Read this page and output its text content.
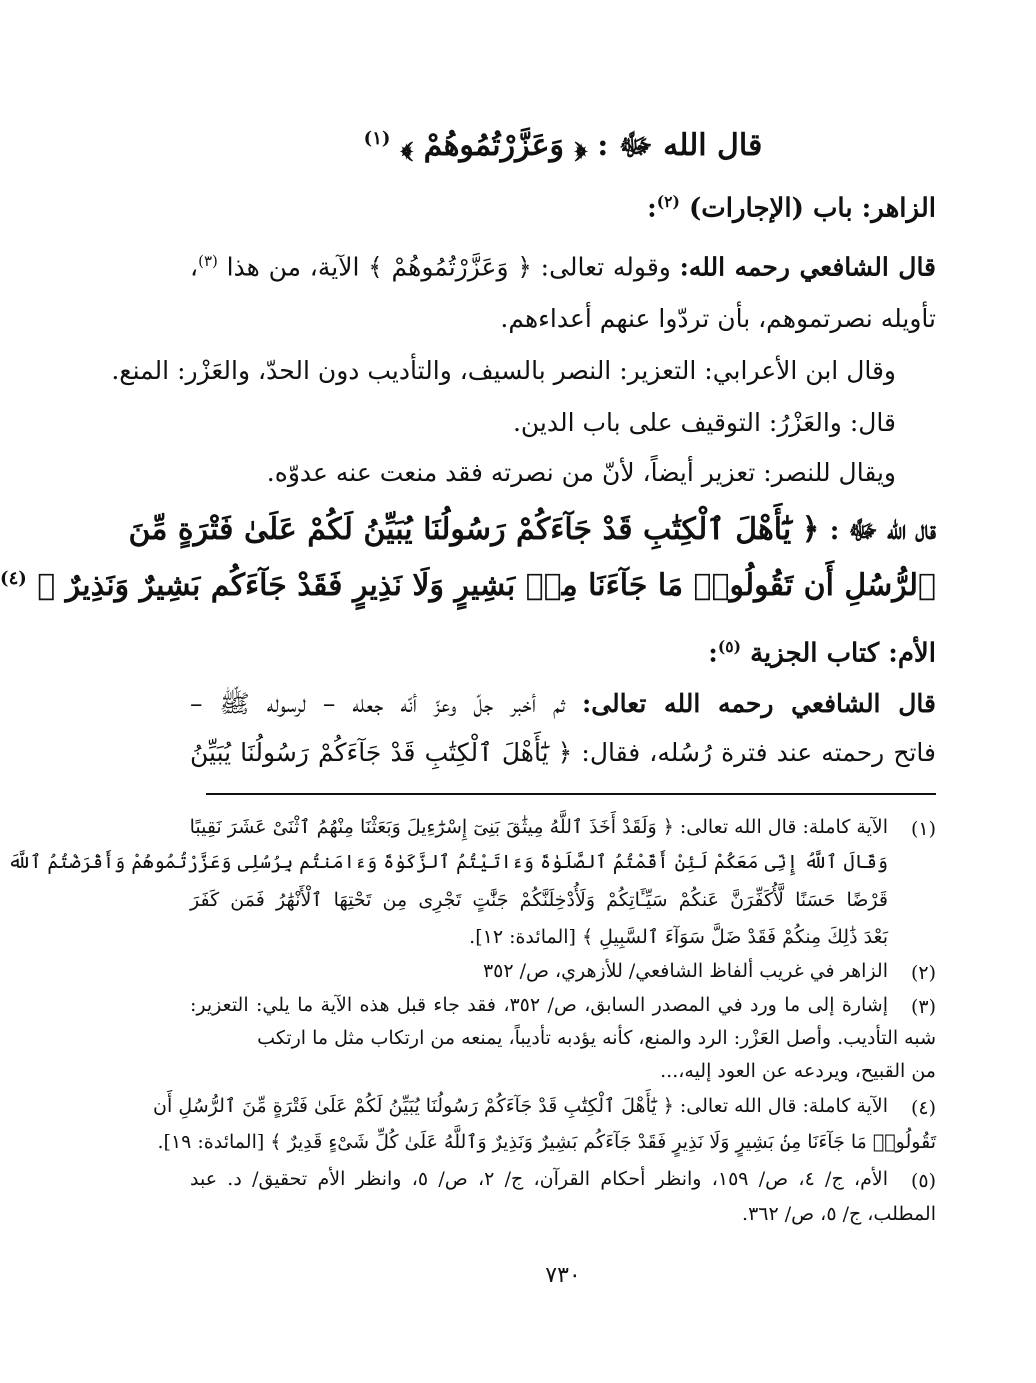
قال الله ﷻ : ﴿ وَعَزَّرْتُمُوهُمْ ﴾ $^{(١)}$
الزاهر: باب (الإجارات) $^{(٢)}$:
قال الشافعي رحمه الله: وقوله تعالى: ﴿ وَعَزَّرْتُمُوهُمْ ﴾ الآية، من هذا $^{(٣)}$،
تأويله نصرتموهم، بأن تردّوا عنهم أعداءهم.
وقال ابن الأعرابي: التعزير: النصر بالسيف، والتأديب دون الحدّ، والعَزْر: المنع.
قال: والعَزْرُ: التوقيف على باب الدين.
ويقال للنصر: تعزير أيضاً، لأنّ من نصرته فقد منعت عنه عدوّه.
قال الله ﷻ : ﴿ يَٰٓأَهْلَ ٱلْكِتَٰبِ قَدْ جَآءَكُمْ رَسُولُنَا يُبَيِّنُ لَكُمْ عَلَىٰ فَتْرَةٍ مِّنَ
ٱلرُّسُلِ أَن تَقُولُوا۟ مَا جَآءَنَا مِنۢ بَشِيرٍ وَلَا نَذِيرٍ فَقَدْ جَآءَكُم بَشِيرٌ وَنَذِيرٌ ﴾ $^{(٤)}$
الأم: كتاب الجزية $^{(٥)}$:
قال الشافعي رحمه الله تعالى: ثم أخبر جلّ وعزّ أنّه جعله – لرسوله ﷺ –
فاتح رحمته عند فترة رُسُله، فقال: ﴿ يَٰٓأَهْلَ ٱلْكِتَٰبِ قَدْ جَآءَكُمْ رَسُولُنَا يُبَيِّنُ
(١)
الآية كاملة: قال الله تعالى: ﴿ وَلَقَدْ أَخَذَ ٱللَّهُ مِيثَٰقَ بَنِىٓ إِسْرَٰٓءِيلَ وَبَعَثْنَا مِنْهُمُ ٱثْنَىْ عَشَرَ نَقِيبًا
وَقَالَ ٱللَّهُ إِنِّى مَعَكُمْ لَئِنْ أَقَمْتُمُ ٱلصَّلَوٰةَ وَءَاتَيْتُمُ ٱلزَّكَوٰةَ وَءَامَنتُم بِرُسُلِى وَعَزَّرْتُمُوهُمْ وَأَقْرَضْتُمُ ٱللَّهَ
قَرْضًا حَسَنًا لَّأُكَفِّرَنَّ عَنكُمْ سَيِّـَٔاتِكُمْ وَلَأُدْخِلَنَّكُمْ جَنَّٰتٍ تَجْرِى مِن تَحْتِهَا ٱلْأَنْهَٰرُ فَمَن كَفَرَ
بَعْدَ ذَٰلِكَ مِنكُمْ فَقَدْ ضَلَّ سَوَآءَ ٱلسَّبِيلِ ﴾ [المائدة: ١٢].
(٢)
الزاهر في غريب ألفاظ الشافعي/ للأزهري، ص/ ٣٥٢
(٣)
إشارة إلى ما ورد في المصدر السابق، ص/ ٣٥٢، فقد جاء قبل هذه الآية ما يلي: التعزير:
شبه التأديب. وأصل العَزْر: الرد والمنع، كأنه يؤدبه تأديباً، يمنعه من ارتكاب مثل ما ارتكب
من القبيح، ويردعه عن العود إليه،...
(٤)
الآية كاملة: قال الله تعالى: ﴿ يَٰٓأَهْلَ ٱلْكِتَٰبِ قَدْ جَآءَكُمْ رَسُولُنَا يُبَيِّنُ لَكُمْ عَلَىٰ فَتْرَةٍ مِّنَ ٱلرُّسُلِ أَن
تَقُولُوا۟ مَا جَآءَنَا مِنۢ بَشِيرٍ وَلَا نَذِيرٍ فَقَدْ جَآءَكُم بَشِيرٌ وَنَذِيرٌ وَٱللَّهُ عَلَىٰ كُلِّ شَىْءٍ قَدِيرٌ ﴾ [المائدة: ١٩].
(٥)
الأم، ج/ ٤، ص/ ١٥٩، وانظر أحكام القرآن، ج/ ٢، ص/ ٥، وانظر الأم تحقيق/ د. عبد
المطلب، ج/ ٥، ص/ ٣٦٢.
٧٣٠
